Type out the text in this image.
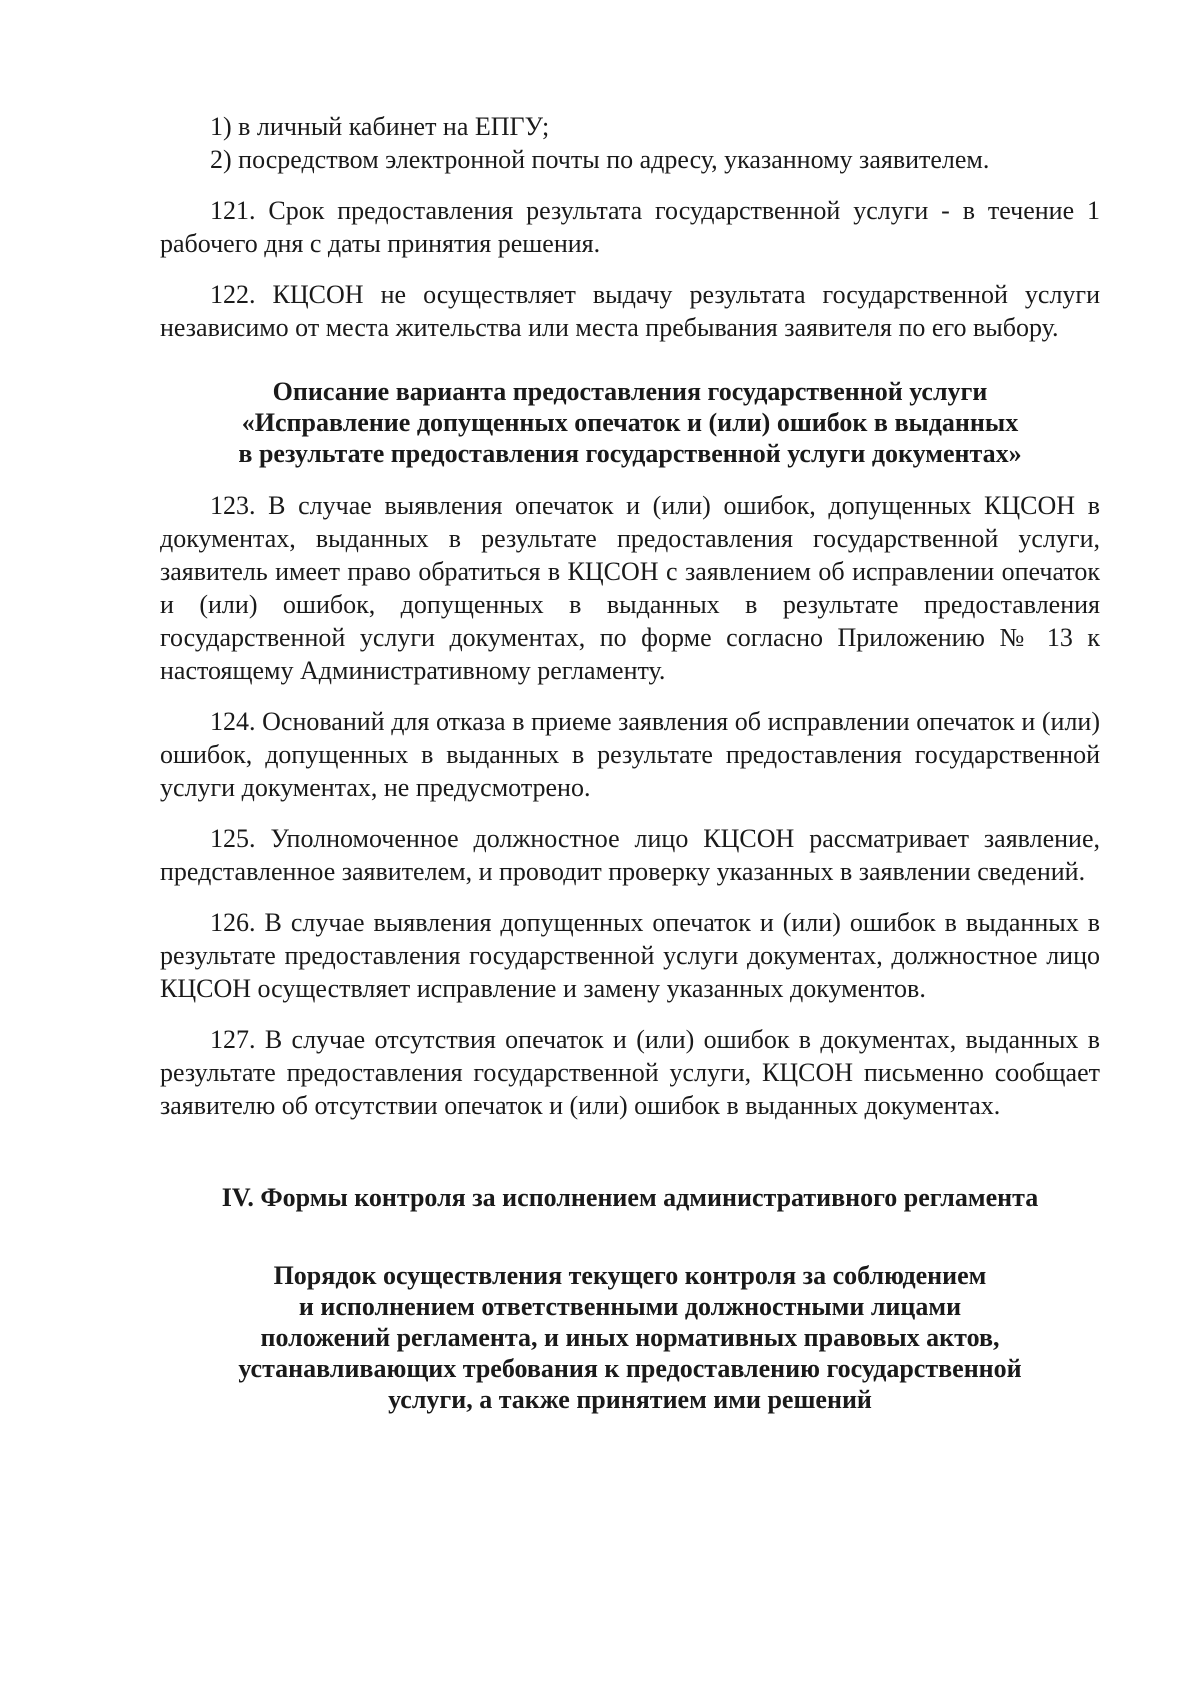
1) в личный кабинет на ЕПГУ;
2) посредством электронной почты по адресу, указанному заявителем.

121. Срок предоставления результата государственной услуги - в течение 1 рабочего дня с даты принятия решения.

122. КЦСОН не осуществляет выдачу результата государственной услуги независимо от места жительства или места пребывания заявителя по его выбору.

Описание варианта предоставления государственной услуги
«Исправление допущенных опечаток и (или) ошибок в выданных
в результате предоставления государственной услуги документах»

123. В случае выявления опечаток и (или) ошибок, допущенных КЦСОН в документах, выданных в результате предоставления государственной услуги, заявитель имеет право обратиться в КЦСОН с заявлением об исправлении опечаток и (или) ошибок, допущенных в выданных в результате предоставления государственной услуги документах, по форме согласно Приложению № 13 к настоящему Административному регламенту.

124. Оснований для отказа в приеме заявления об исправлении опечаток и (или) ошибок, допущенных в выданных в результате предоставления государственной услуги документах, не предусмотрено.

125. Уполномоченное должностное лицо КЦСОН рассматривает заявление, представленное заявителем, и проводит проверку указанных в заявлении сведений.

126. В случае выявления допущенных опечаток и (или) ошибок в выданных в результате предоставления государственной услуги документах, должностное лицо КЦСОН осуществляет исправление и замену указанных документов.

127. В случае отсутствия опечаток и (или) ошибок в документах, выданных в результате предоставления государственной услуги, КЦСОН письменно сообщает заявителю об отсутствии опечаток и (или) ошибок в выданных документах.

IV. Формы контроля за исполнением административного регламента
Порядок осуществления текущего контроля за соблюдением
и исполнением ответственными должностными лицами
положений регламента, и иных нормативных правовых актов,
устанавливающих требования к предоставлению государственной
услуги, а также принятием ими решений
